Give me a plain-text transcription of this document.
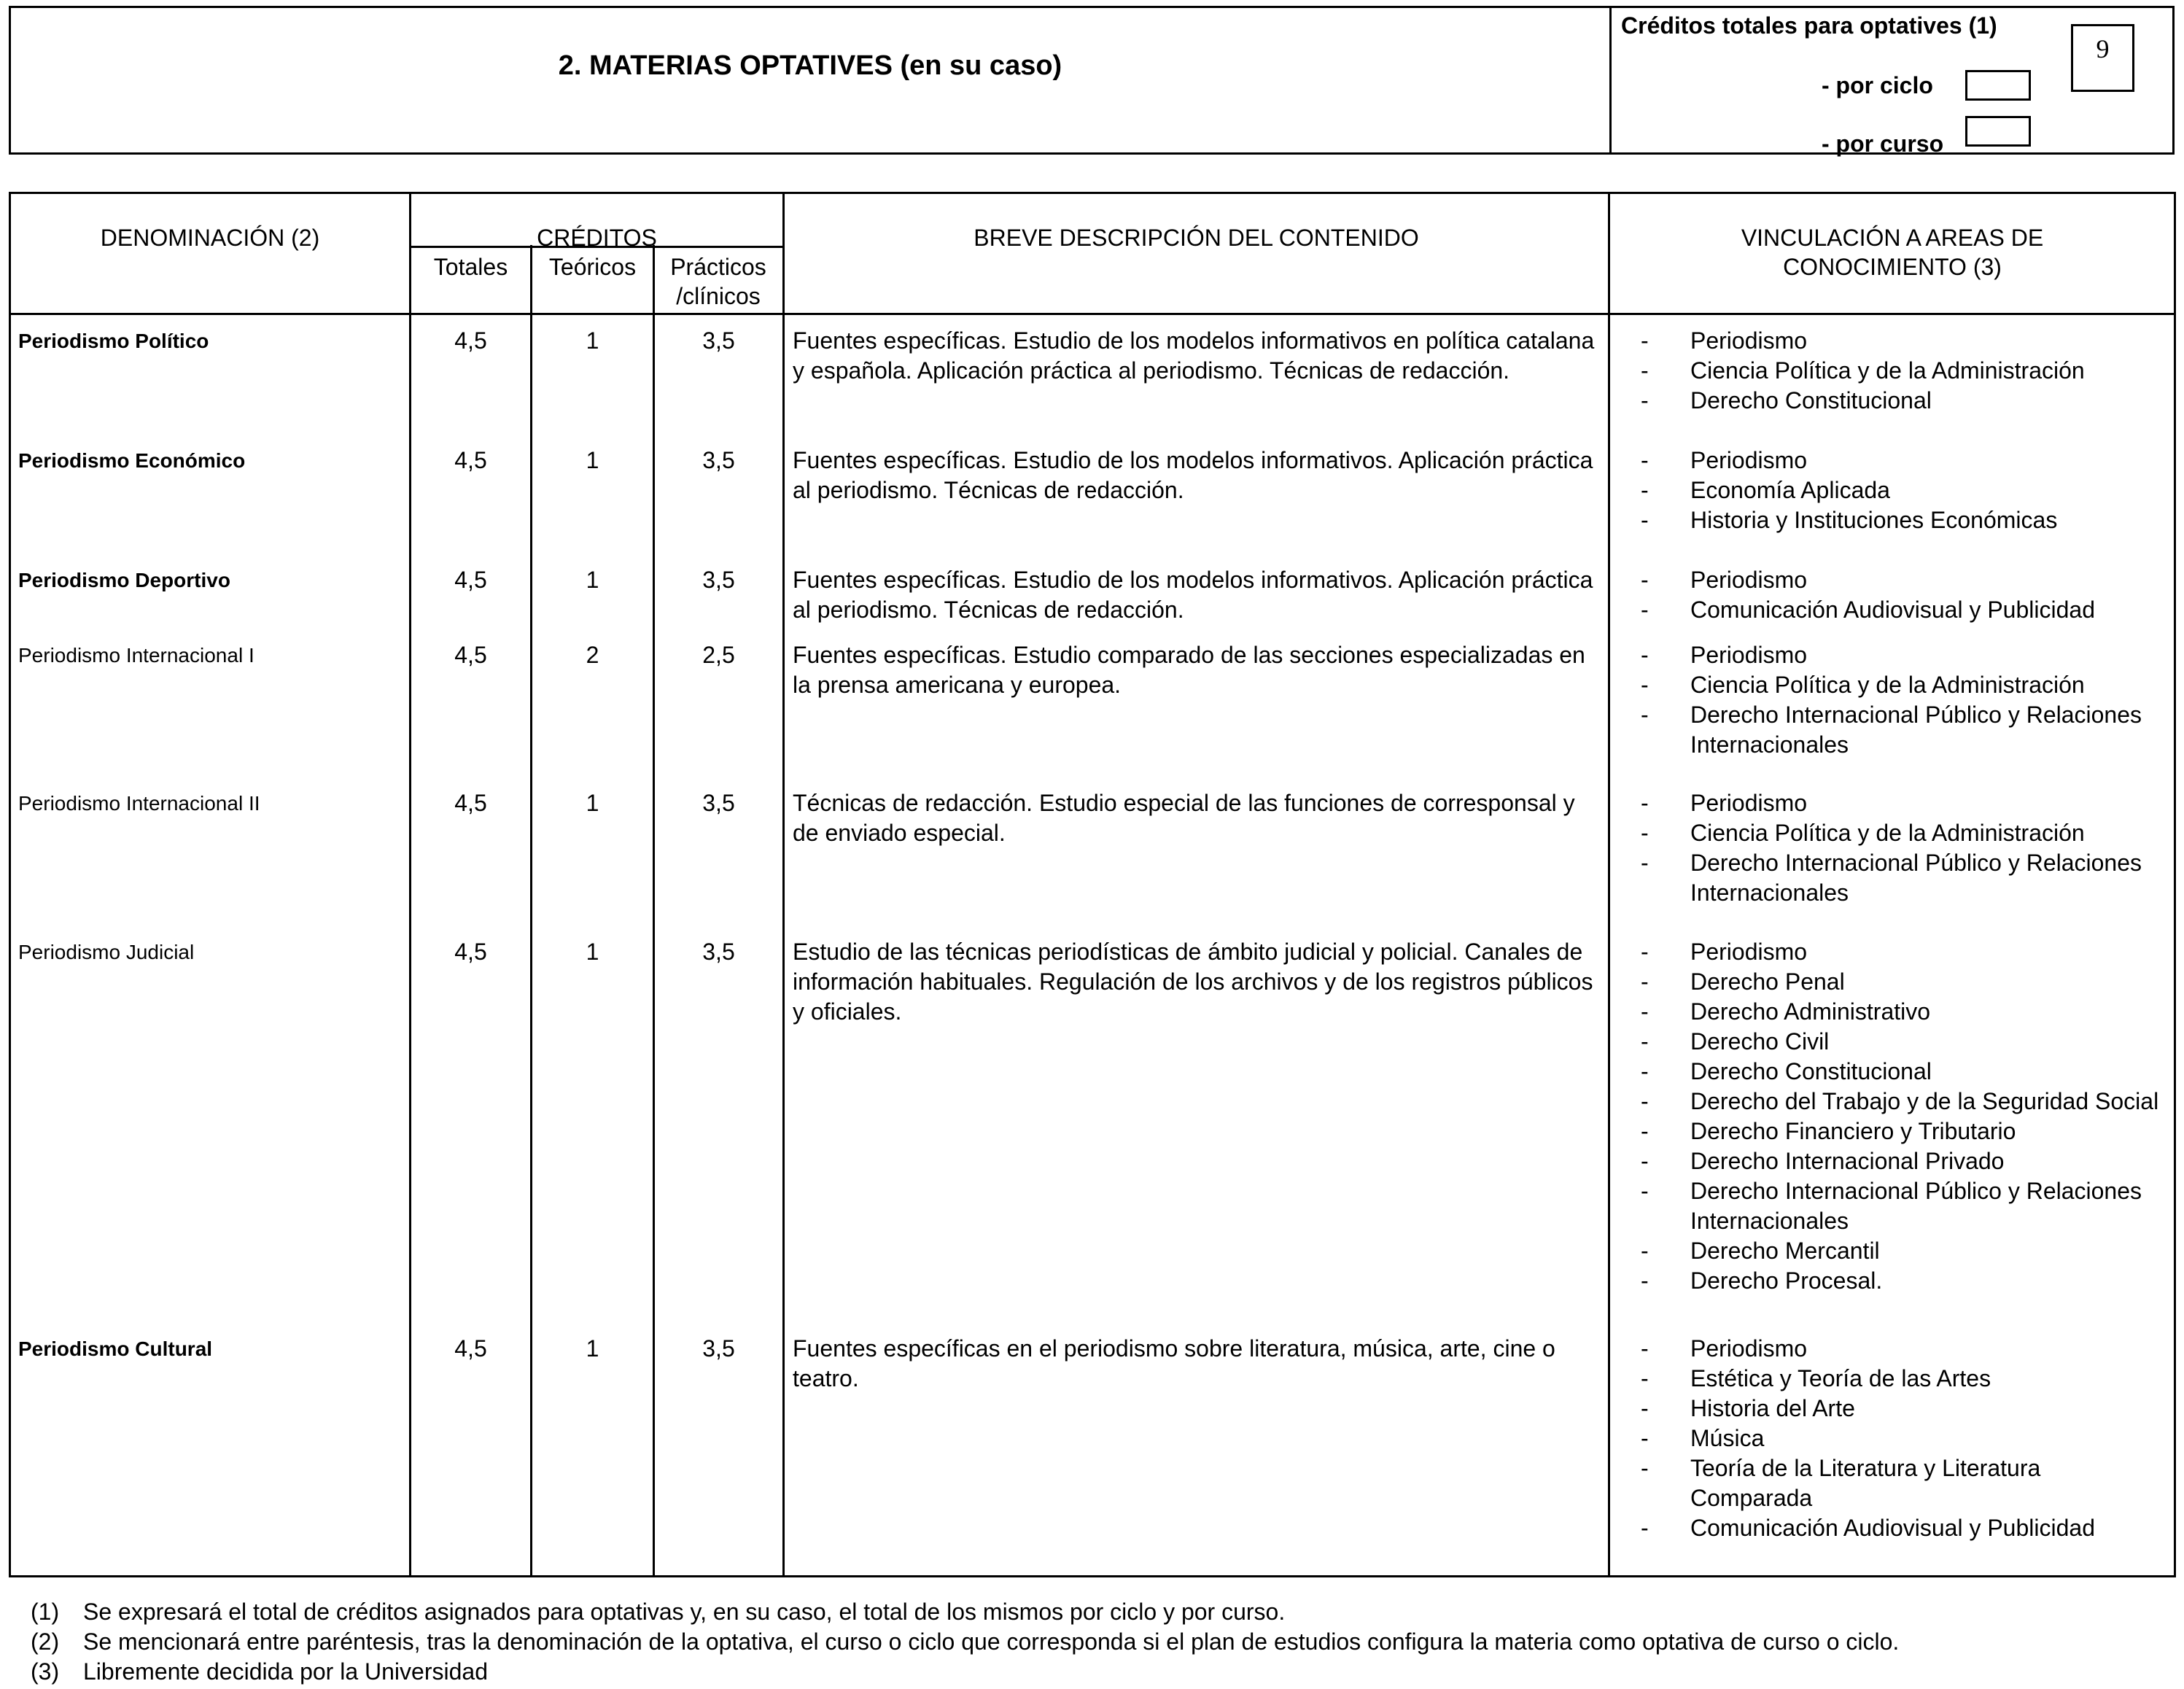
2. MATERIAS OPTATIVES (en su caso)
Créditos totales para optatives (1)
9
- por ciclo
- por curso
DENOMINACIÓN (2)	CRÉDITOS
Totales	Teóricos	Prácticos /clínicos
BREVE DESCRIPCIÓN DEL CONTENIDO	VINCULACIÓN A AREAS DE CONOCIMIENTO (3)
Periodismo Político	4,5	1	3,5	Fuentes específicas. Estudio de los modelos informativos en política catalana y española. Aplicación práctica al periodismo. Técnicas de redacción.
- Periodismo
- Ciencia Política y de la Administración
- Derecho Constitucional
Periodismo Económico	4,5	1	3,5	Fuentes específicas. Estudio de los modelos informativos. Aplicación práctica al periodismo. Técnicas de redacción.
- Periodismo
- Economía Aplicada
- Historia y Instituciones Económicas
Periodismo Deportivo	4,5	1	3,5	Fuentes específicas. Estudio de los modelos informativos. Aplicación práctica al periodismo. Técnicas de redacción.
- Periodismo
- Comunicación Audiovisual y Publicidad
Periodismo Internacional I	4,5	2	2,5	Fuentes específicas. Estudio comparado de las secciones especializadas en la prensa americana y europea.
- Periodismo
- Ciencia Política y de la Administración
- Derecho Internacional Público y Relaciones Internacionales
Periodismo Internacional II	4,5	1	3,5	Técnicas de redacción. Estudio especial de las funciones de corresponsal y de enviado especial.
- Periodismo
- Ciencia Política y de la Administración
- Derecho Internacional Público y Relaciones Internacionales
Periodismo Judicial	4,5	1	3,5	Estudio de las técnicas periodísticas de ámbito judicial y policial. Canales de información habituales. Regulación de los archivos y de los registros públicos y oficiales.
- Periodismo
- Derecho Penal
- Derecho Administrativo
- Derecho Civil
- Derecho Constitucional
- Derecho del Trabajo y de la Seguridad Social
- Derecho Financiero y Tributario
- Derecho Internacional Privado
- Derecho Internacional Público y Relaciones Internacionales
- Derecho Mercantil
- Derecho Procesal.
Periodismo Cultural	4,5	1	3,5	Fuentes específicas en el periodismo sobre literatura, música, arte, cine o teatro.
- Periodismo
- Estética y Teoría de las Artes
- Historia del Arte
- Música
- Teoría de la Literatura y Literatura Comparada
- Comunicación Audiovisual y Publicidad
(1) Se expresará el total de créditos asignados para optativas y, en su caso, el total de los mismos por ciclo y por curso.
(2) Se mencionará entre paréntesis, tras la denominación de la optativa, el curso o ciclo que corresponda si el plan de estudios configura la materia como optativa de curso o ciclo.
(3) Libremente decidida por la Universidad
